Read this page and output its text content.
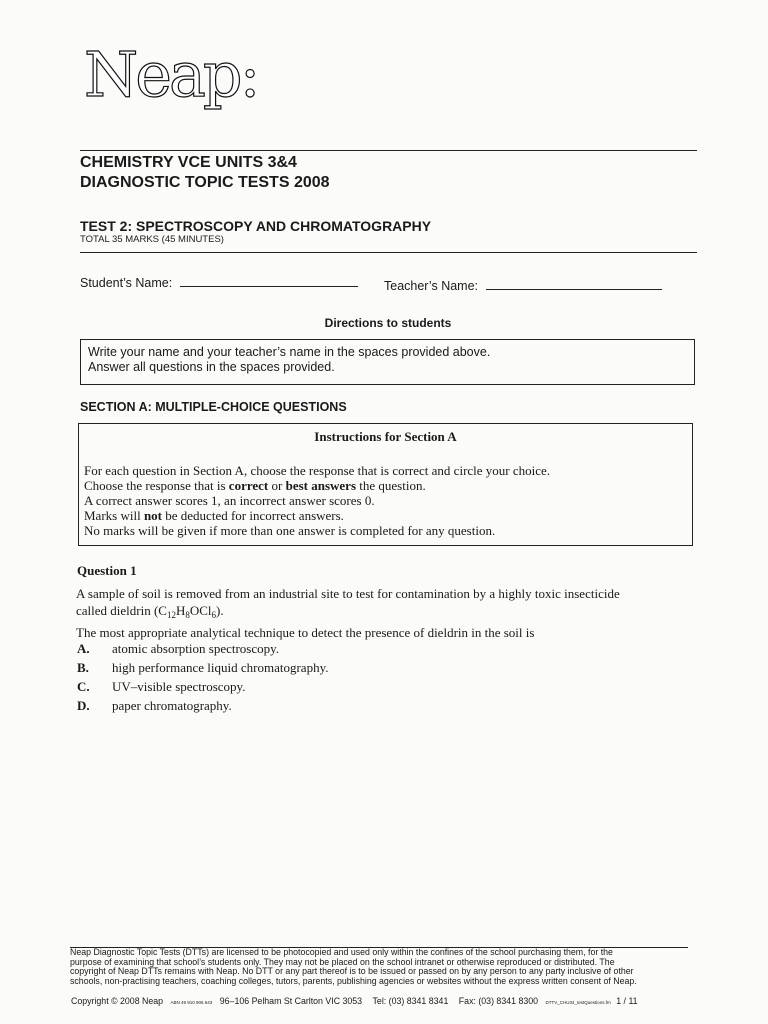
Neap:
CHEMISTRY VCE UNITS 3&4
DIAGNOSTIC TOPIC TESTS 2008
TEST 2: SPECTROSCOPY AND CHROMATOGRAPHY
TOTAL 35 MARKS (45 MINUTES)
Student’s Name:	Teacher’s Name:
Directions to students
Write your name and your teacher’s name in the spaces provided above.
Answer all questions in the spaces provided.
SECTION A: MULTIPLE-CHOICE QUESTIONS
Instructions for Section A
For each question in Section A, choose the response that is correct and circle your choice.
Choose the response that is correct or best answers the question.
A correct answer scores 1, an incorrect answer scores 0.
Marks will not be deducted for incorrect answers.
No marks will be given if more than one answer is completed for any question.
Question 1
A sample of soil is removed from an industrial site to test for contamination by a highly toxic insecticide
called dieldrin $(C_{12}H_8OCl_6)$.
The most appropriate analytical technique to detect the presence of dieldrin in the soil is
A. atomic absorption spectroscopy.
B. high performance liquid chromatography.
C. UV–visible spectroscopy.
D. paper chromatography.
Neap Diagnostic Topic Tests (DTTs) are licensed to be photocopied and used only within the confines of the school purchasing them, for the
purpose of examining that school’s students only. They may not be placed on the school intranet or otherwise reproduced or distributed. The
copyright of Neap DTTs remains with Neap. No DTT or any part thereof is to be issued or passed on by any person to any party inclusive of other
schools, non-practising teachers, coaching colleges, tutors, parents, publishing agencies or websites without the express written consent of Neap.
Copyright © 2008 Neap ABN 49 910 906 643 96–106 Pelham St Carlton VIC 3053 Tel: (03) 8341 8341 Fax: (03) 8341 8300 DTTV_CHU34_testQuestions.fm 1 / 11
